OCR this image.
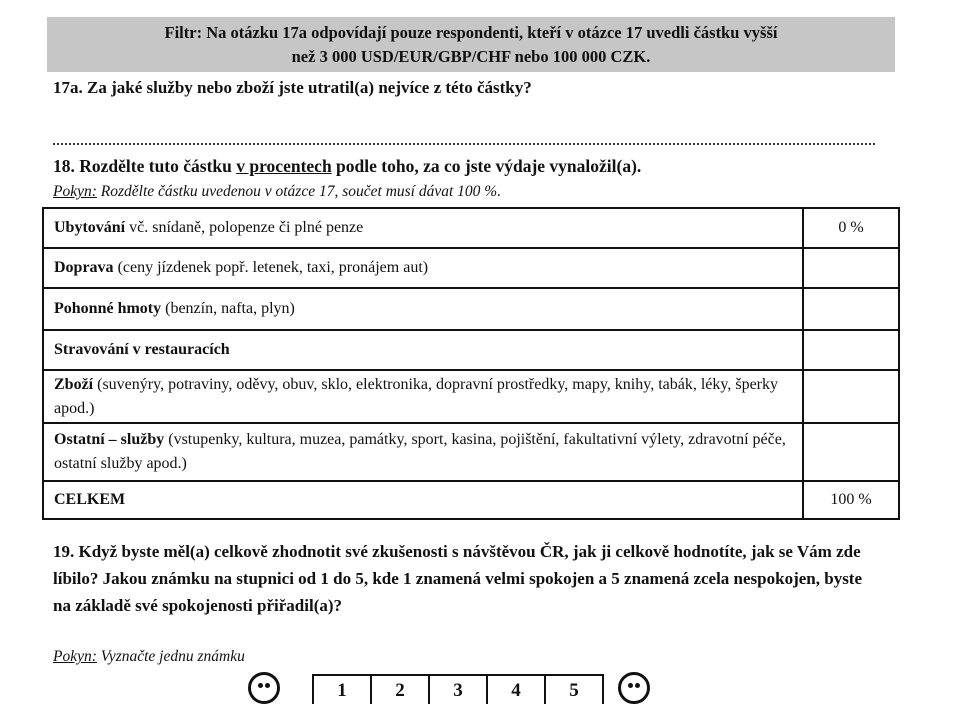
Filtr: Na otázku 17a odpovídají pouze respondenti, kteří v otázce 17 uvedli částku vyšší
než 3 000 USD/EUR/GBP/CHF nebo 100 000 CZK.
17a. Za jaké služby nebo zboží jste utratil(a) nejvíce z této částky?
18. Rozdělte tuto částku v procentech podle toho, za co jste výdaje vynaložil(a).
Pokyn: Rozdělte částku uvedenou v otázce 17, součet musí dávat 100 %.
Ubytování vč. snídaně, polopenze či plné penze	0 %
Doprava (ceny jízdenek popř. letenek, taxi, pronájem aut)	
Pohonné hmoty (benzín, nafta, plyn)	
Stravování v restauracích	
Zboží (suvenýry, potraviny, oděvy, obuv, sklo, elektronika, dopravní prostředky, mapy, knihy, tabák, léky, šperky apod.)	
Ostatní – služby (vstupenky, kultura, muzea, památky, sport, kasina, pojištění, fakultativní výlety, zdravotní péče, ostatní služby apod.)	
CELKEM	100 %
19. Když byste měl(a) celkově zhodnotit své zkušenosti s návštěvou ČR, jak ji celkově hodnotíte, jak se Vám zde líbilo? Jakou známku na stupnici od 1 do 5, kde 1 znamená velmi spokojen a 5 znamená zcela nespokojen, byste na základě své spokojenosti přiřadil(a)?
Pokyn: Vyznačte jednu známku
1	2	3	4	5
